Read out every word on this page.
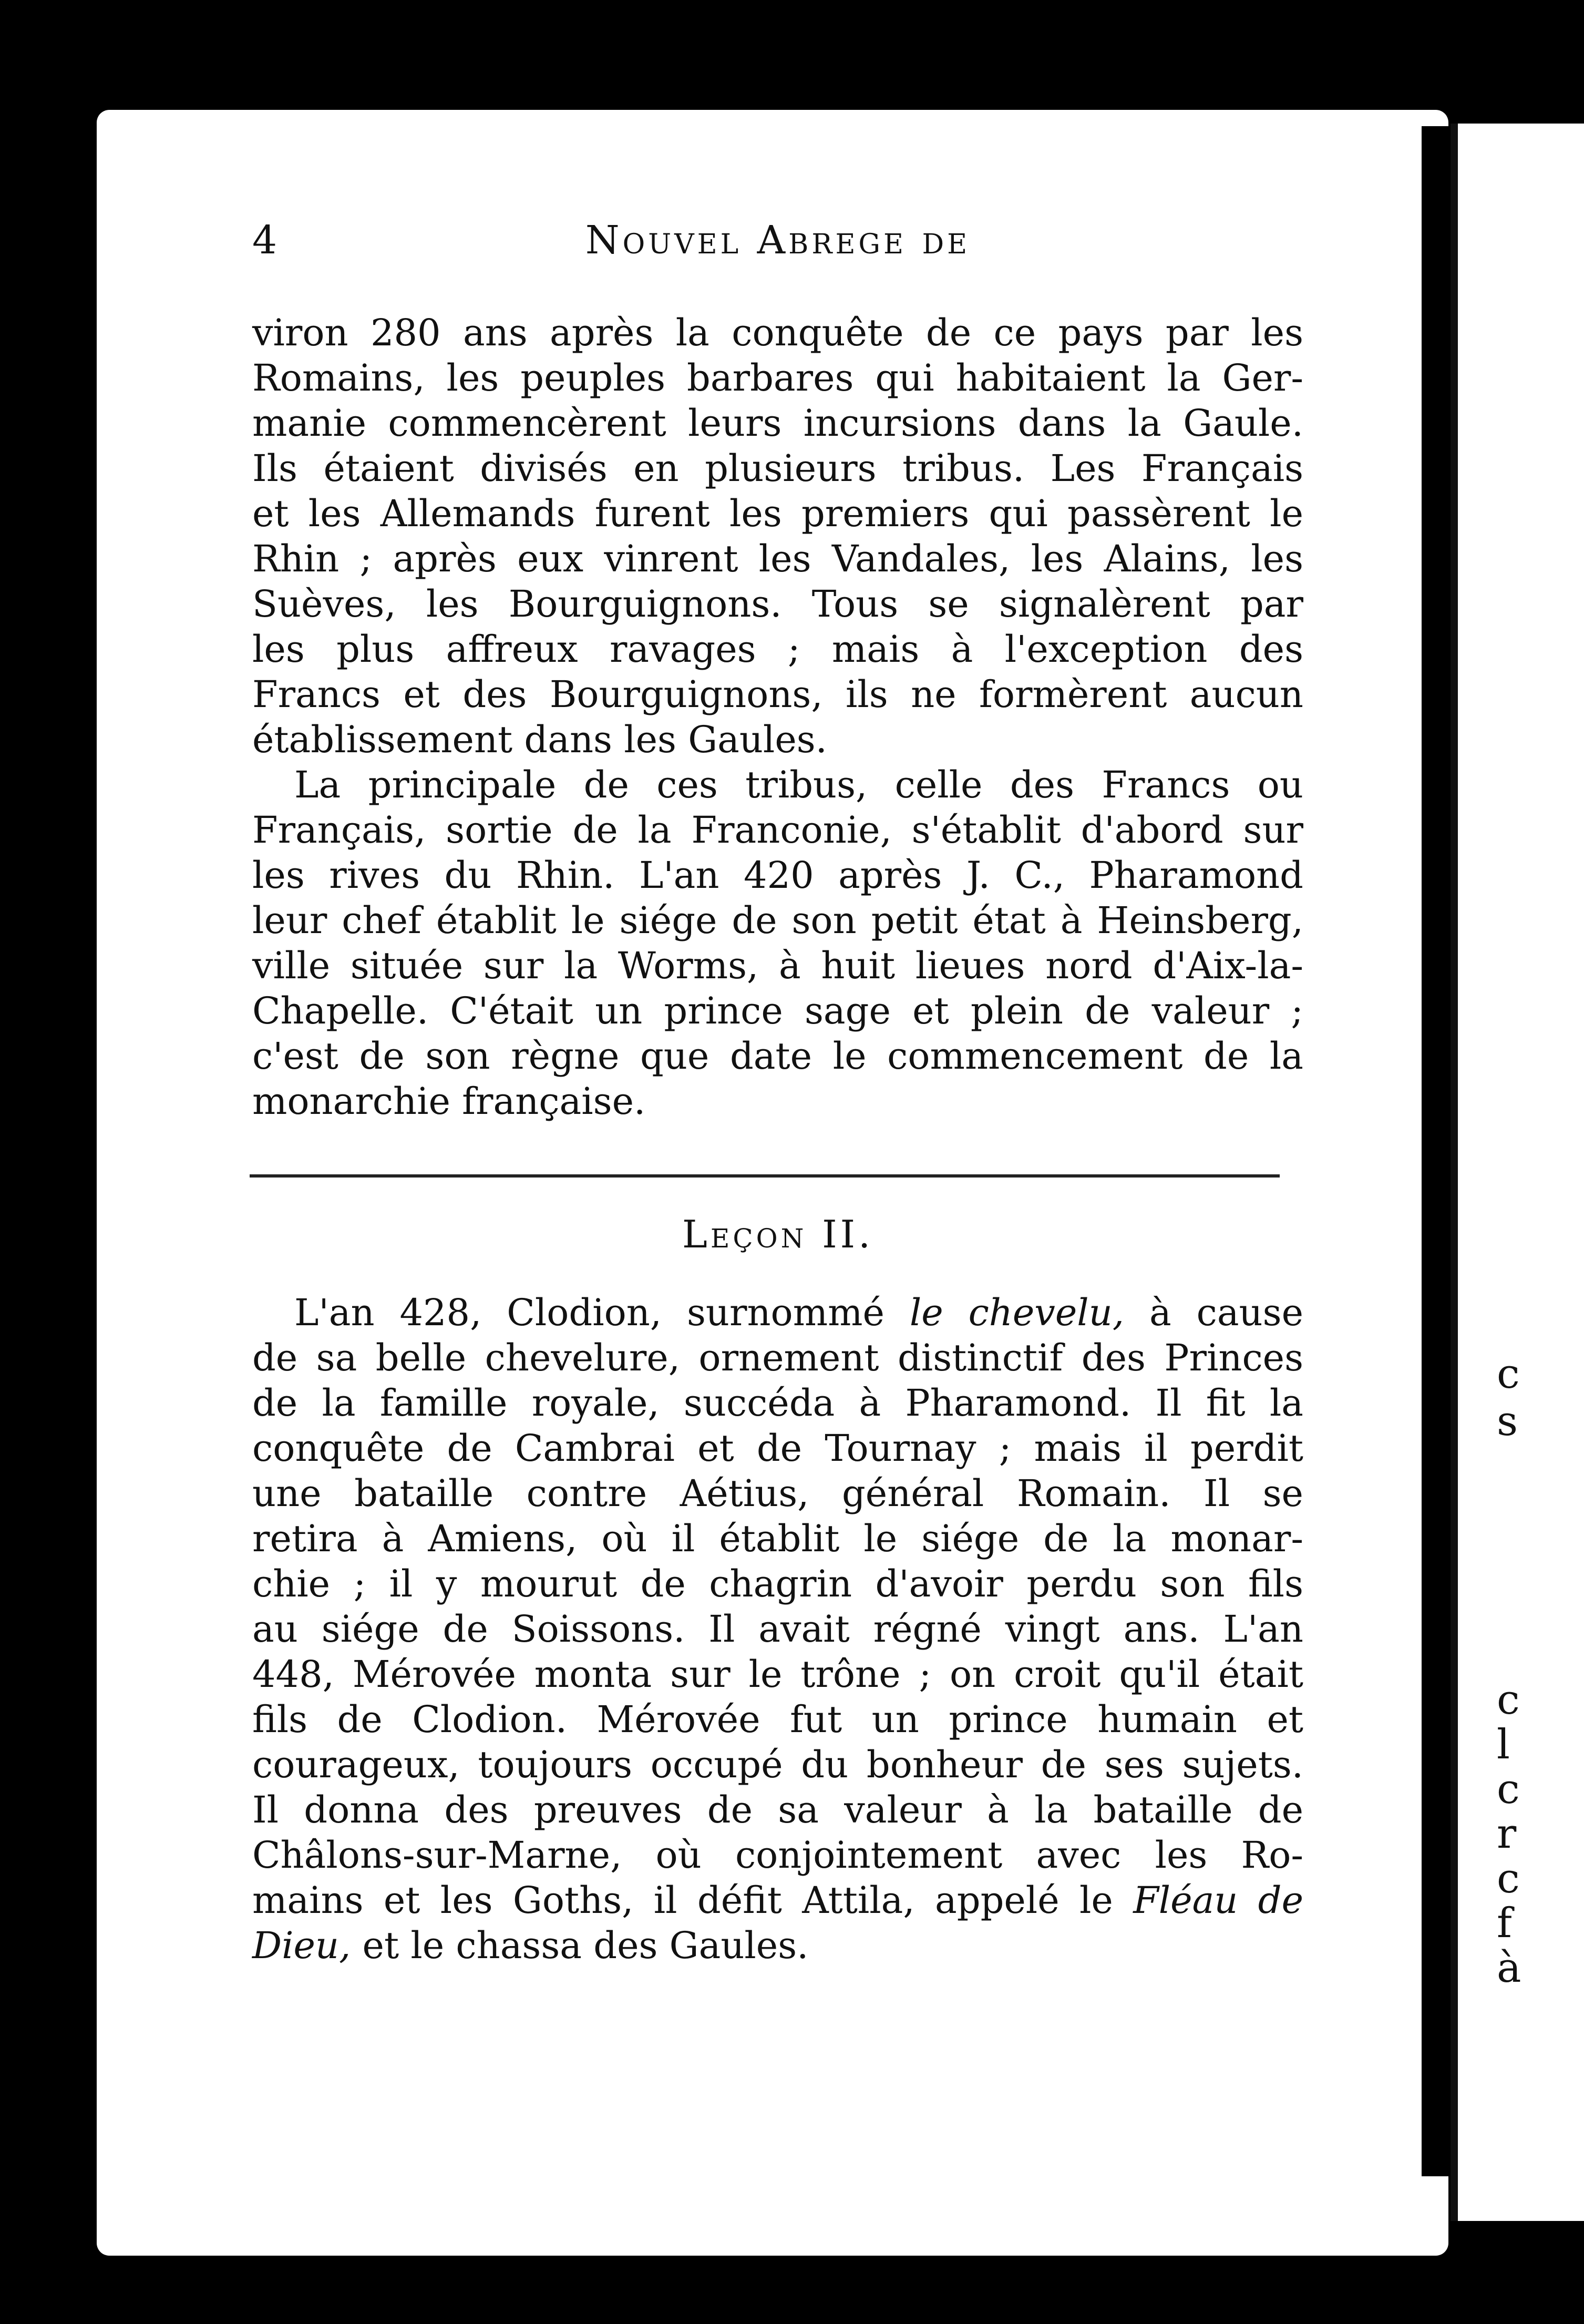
c
s
c
l
c
r
c
f
à
4	Nouvel Abrege de

viron 280 ans après la conquête de ce pays par les
Romains, les peuples barbares qui habitaient la Ger-
manie commencèrent leurs incursions dans la Gaule.
Ils étaient divisés en plusieurs tribus. Les Français
et les Allemands furent les premiers qui passèrent le
Rhin ; après eux vinrent les Vandales, les Alains, les
Suèves, les Bourguignons. Tous se signalèrent par
les plus affreux ravages ; mais à l'exception des
Francs et des Bourguignons, ils ne formèrent aucun
établissement dans les Gaules.

La principale de ces tribus, celle des Francs ou
Français, sortie de la Franconie, s'établit d'abord sur
les rives du Rhin. L'an 420 après J. C., Pharamond
leur chef établit le siége de son petit état à Heinsberg,
ville située sur la Worms, à huit lieues nord d'Aix-la-
Chapelle. C'était un prince sage et plein de valeur ;
c'est de son règne que date le commencement de la
monarchie française.

Leçon II.

L'an 428, Clodion, surnommé le chevelu, à cause
de sa belle chevelure, ornement distinctif des Princes
de la famille royale, succéda à Pharamond. Il fit la
conquête de Cambrai et de Tournay ; mais il perdit
une bataille contre Aétius, général Romain. Il se
retira à Amiens, où il établit le siége de la monar-
chie ; il y mourut de chagrin d'avoir perdu son fils
au siége de Soissons. Il avait régné vingt ans. L'an
448, Mérovée monta sur le trône ; on croit qu'il était
fils de Clodion. Mérovée fut un prince humain et
courageux, toujours occupé du bonheur de ses sujets.
Il donna des preuves de sa valeur à la bataille de
Châlons-sur-Marne, où conjointement avec les Ro-
mains et les Goths, il défit Attila, appelé le Fléau de
Dieu, et le chassa des Gaules.
